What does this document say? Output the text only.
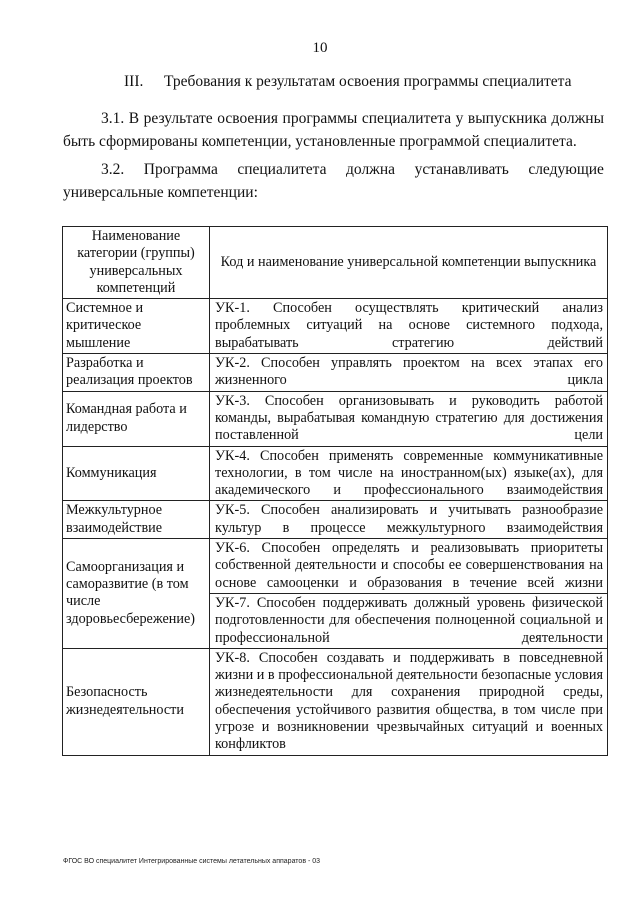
10
III. Требования к результатам освоения программы специалитета
3.1. В результате освоения программы специалитета у выпускника должны быть сформированы компетенции, установленные программой специалитета.
3.2. Программа специалитета должна устанавливать следующие
универсальные компетенции:
Наименование категории (группы) универсальных компетенций	Код и наименование универсальной компетенции выпускника
Системное и критическое мышление	УК-1. Способен осуществлять критический анализ проблемных ситуаций на основе системного подхода, вырабатывать стратегию действий
Разработка и реализация проектов	УК-2. Способен управлять проектом на всех этапах его жизненного цикла
Командная работа и лидерство	УК-3. Способен организовывать и руководить работой команды, вырабатывая командную стратегию для достижения поставленной цели
Коммуникация	УК-4. Способен применять современные коммуникативные технологии, в том числе на иностранном(ых) языке(ах), для академического и профессионального взаимодействия
Межкультурное взаимодействие	УК-5. Способен анализировать и учитывать разнообразие культур в процессе межкультурного взаимодействия
Самоорганизация и саморазвитие (в том числе здоровьесбережение)	УК-6. Способен определять и реализовывать приоритеты собственной деятельности и способы ее совершенствования на основе самооценки и образования в течение всей жизни
	УК-7. Способен поддерживать должный уровень физической подготовленности для обеспечения полноценной социальной и профессиональной деятельности
Безопасность жизнедеятельности	УК-8. Способен создавать и поддерживать в повседневной жизни и в профессиональной деятельности безопасные условия жизнедеятельности для сохранения природной среды, обеспечения устойчивого развития общества, в том числе при угрозе и возникновении чрезвычайных ситуаций и военных конфликтов
ФГОС ВО специалитет Интегрированные системы летательных аппаратов - 03
